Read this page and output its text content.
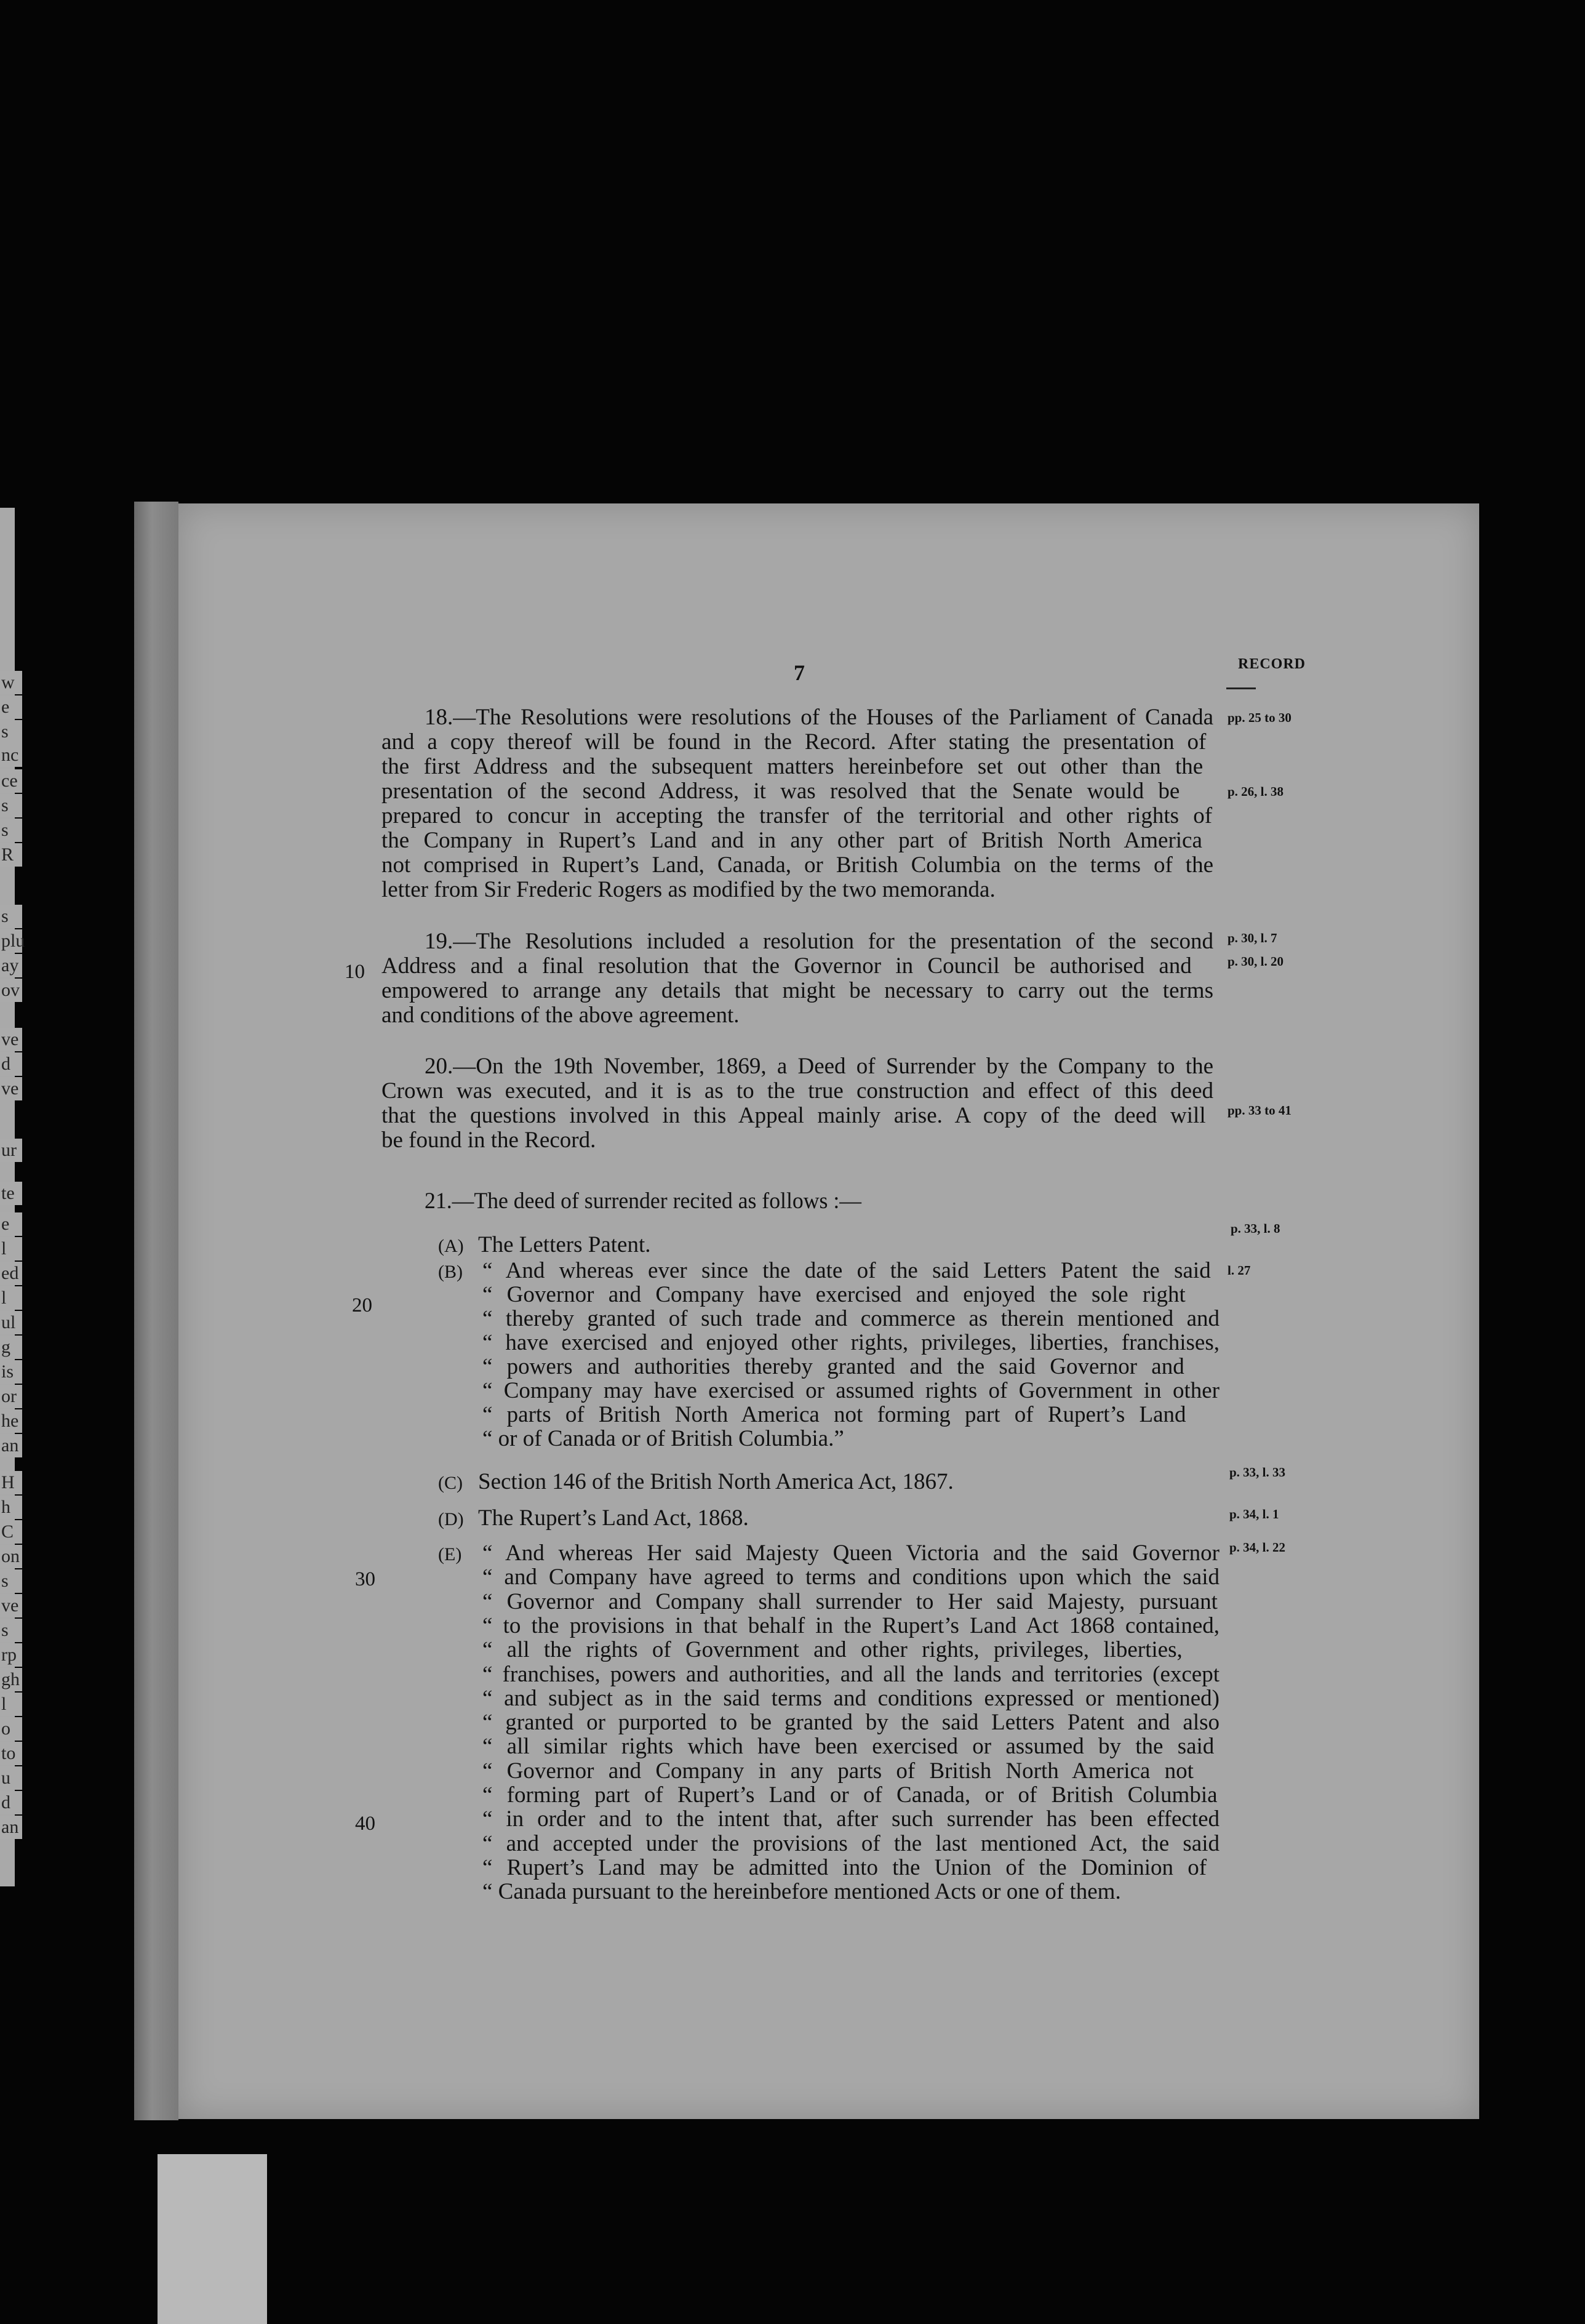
w
e
s
nc
ce
s
s
R
s
plu
ay
ov
ve
d
ve
ur
te
e
l
ed
l
ul
g
is
or
he
an
H
h
C
on
s
ve
s
rp
gh
l
o
to
u
d
an
7	RECORD
18.—The Resolutions were resolutions of the Houses of the Parliament of Canada
and a copy thereof will be found in the Record. After stating the presentation of
the first Address and the subsequent matters hereinbefore set out other than the
presentation of the second Address, it was resolved that the Senate would be
prepared to concur in accepting the transfer of the territorial and other rights of
the Company in Rupert’s Land and in any other part of British North America
not comprised in Rupert’s Land, Canada, or British Columbia on the terms of the
letter from Sir Frederic Rogers as modified by the two memoranda.
19.—The Resolutions included a resolution for the presentation of the second
Address and a final resolution that the Governor in Council be authorised and
empowered to arrange any details that might be necessary to carry out the terms
and conditions of the above agreement.
20.—On the 19th November, 1869, a Deed of Surrender by the Company to the
Crown was executed, and it is as to the true construction and effect of this deed
that the questions involved in this Appeal mainly arise. A copy of the deed will
be found in the Record.
21.—The deed of surrender recited as follows :—
(A) The Letters Patent.
(B) “ And whereas ever since the date of the said Letters Patent the said
“ Governor and Company have exercised and enjoyed the sole right
“ thereby granted of such trade and commerce as therein mentioned and
“ have exercised and enjoyed other rights, privileges, liberties, franchises,
“ powers and authorities thereby granted and the said Governor and
“ Company may have exercised or assumed rights of Government in other
“ parts of British North America not forming part of Rupert’s Land
“ or of Canada or of British Columbia.”
(C) Section 146 of the British North America Act, 1867.
(D) The Rupert’s Land Act, 1868.
(E) “ And whereas Her said Majesty Queen Victoria and the said Governor
“ and Company have agreed to terms and conditions upon which the said
“ Governor and Company shall surrender to Her said Majesty, pursuant
“ to the provisions in that behalf in the Rupert’s Land Act 1868 contained,
“ all the rights of Government and other rights, privileges, liberties,
“ franchises, powers and authorities, and all the lands and territories (except
“ and subject as in the said terms and conditions expressed or mentioned)
“ granted or purported to be granted by the said Letters Patent and also
“ all similar rights which have been exercised or assumed by the said
“ Governor and Company in any parts of British North America not
“ forming part of Rupert’s Land or of Canada, or of British Columbia
“ in order and to the intent that, after such surrender has been effected
“ and accepted under the provisions of the last mentioned Act, the said
“ Rupert’s Land may be admitted into the Union of the Dominion of
“ Canada pursuant to the hereinbefore mentioned Acts or one of them.
pp. 25 to 30
p. 26, l. 38
p. 30, l. 7
p. 30, l. 20
pp. 33 to 41
p. 33, l. 8
l. 27
p. 33, l. 33
p. 34, l. 1
p. 34, l. 22
10
20
30
40
